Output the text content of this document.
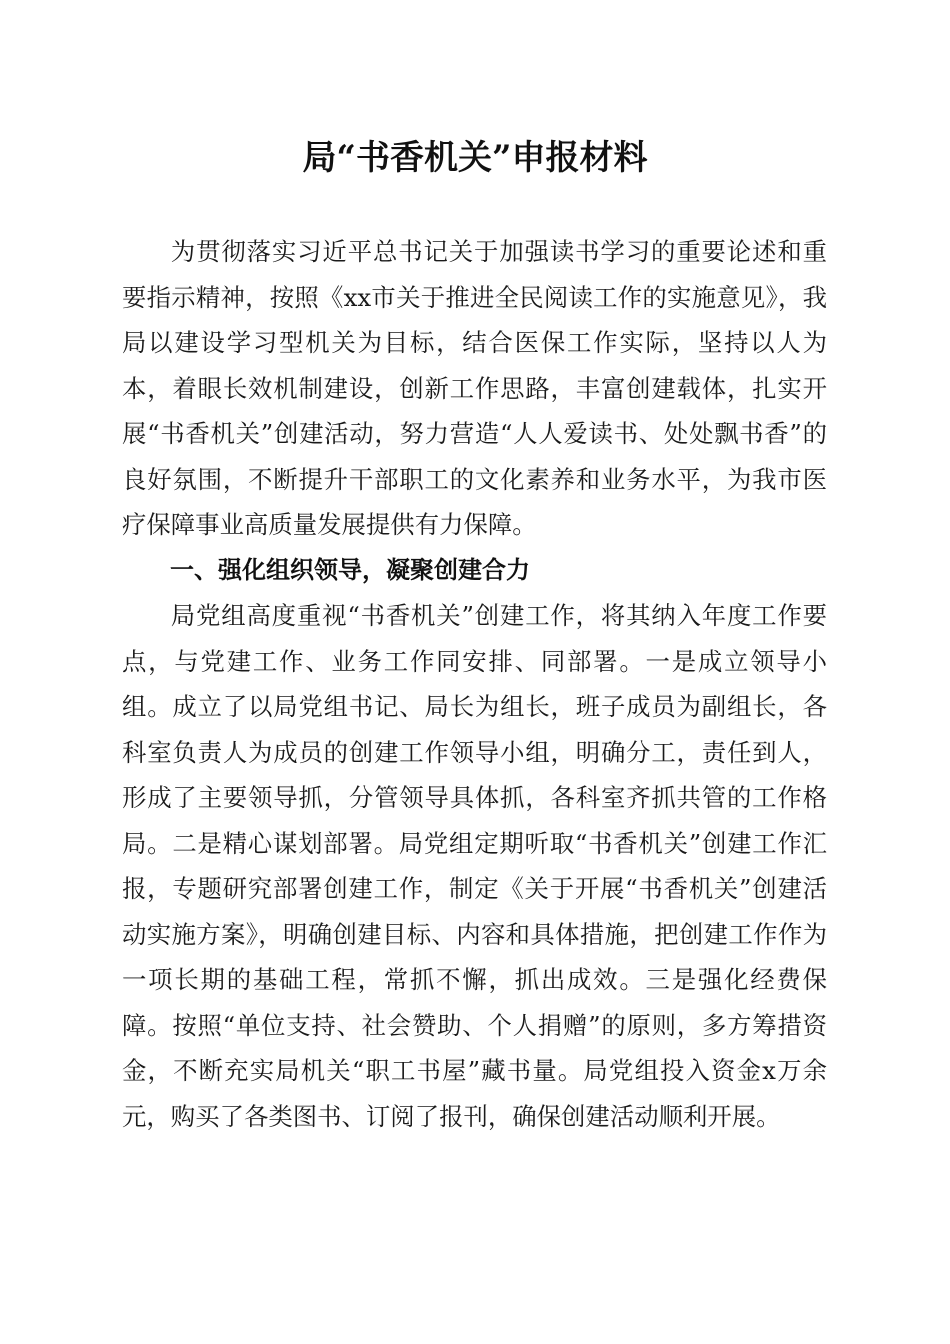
局“书香机关”申报材料

为贯彻落实习近平总书记关于加强读书学习的重要论述和重要指示精神，按照《xx市关于推进全民阅读工作的实施意见》，我局以建设学习型机关为目标，结合医保工作实际，坚持以人为本，着眼长效机制建设，创新工作思路，丰富创建载体，扎实开展“书香机关”创建活动，努力营造“人人爱读书、处处飘书香”的良好氛围，不断提升干部职工的文化素养和业务水平，为我市医疗保障事业高质量发展提供有力保障。

一、强化组织领导，凝聚创建合力

局党组高度重视“书香机关”创建工作，将其纳入年度工作要点，与党建工作、业务工作同安排、同部署。一是成立领导小组。成立了以局党组书记、局长为组长，班子成员为副组长，各科室负责人为成员的创建工作领导小组，明确分工，责任到人，形成了主要领导抓，分管领导具体抓，各科室齐抓共管的工作格局。二是精心谋划部署。局党组定期听取“书香机关”创建工作汇报，专题研究部署创建工作，制定《关于开展“书香机关”创建活动实施方案》，明确创建目标、内容和具体措施，把创建工作作为一项长期的基础工程，常抓不懈，抓出成效。三是强化经费保障。按照“单位支持、社会赞助、个人捐赠”的原则，多方筹措资金，不断充实局机关“职工书屋”藏书量。局党组投入资金x万余元，购买了各类图书、订阅了报刊，确保创建活动顺利开展。
